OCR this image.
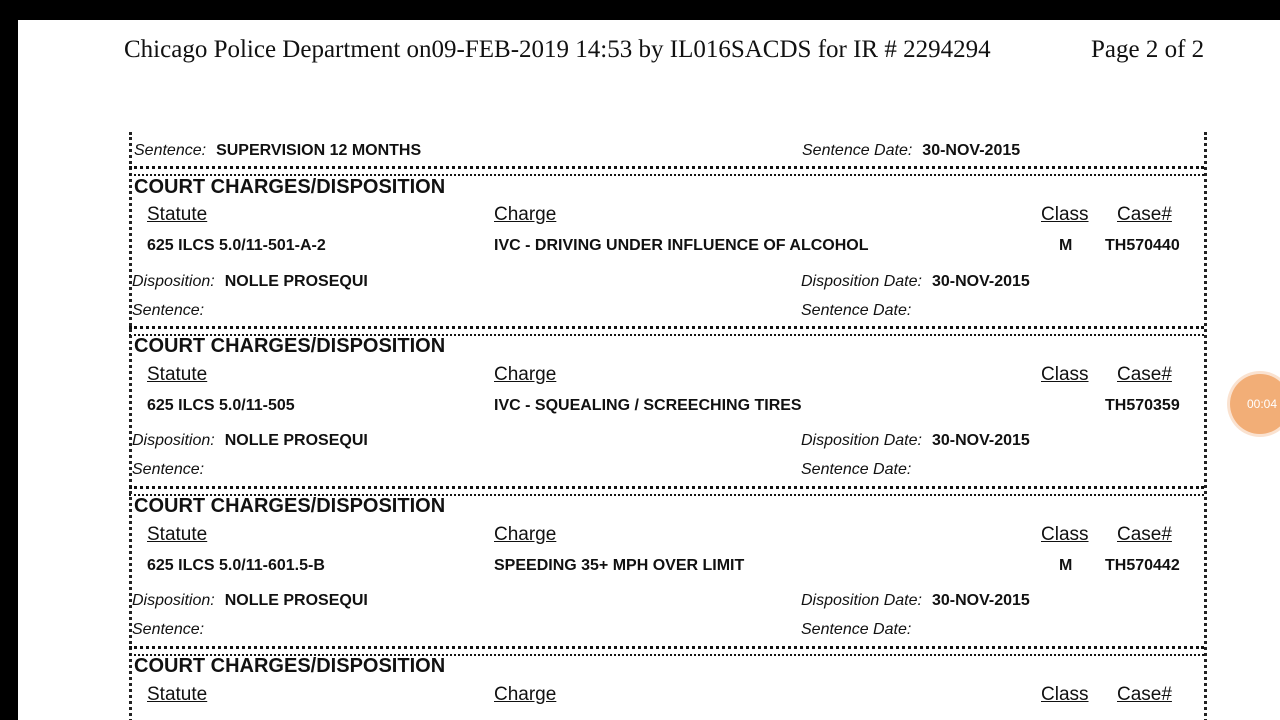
Chicago Police Department on09-FEB-2019 14:53 by IL016SACDS for IR # 2294294	Page 2 of 2
Sentence: SUPERVISION 12 MONTHS	Sentence Date: 30-NOV-2015
COURT CHARGES/DISPOSITION
Statute	Charge	Class Case#
625 ILCS 5.0/11-501-A-2	IVC - DRIVING UNDER INFLUENCE OF ALCOHOL	M TH570440
Disposition: NOLLE PROSEQUI	Disposition Date: 30-NOV-2015
Sentence:	Sentence Date:
COURT CHARGES/DISPOSITION
Statute	Charge	Class Case#
625 ILCS 5.0/11-505	IVC - SQUEALING / SCREECHING TIRES	TH570359
Disposition: NOLLE PROSEQUI	Disposition Date: 30-NOV-2015
Sentence:	Sentence Date:
COURT CHARGES/DISPOSITION
Statute	Charge	Class Case#
625 ILCS 5.0/11-601.5-B	SPEEDING 35+ MPH OVER LIMIT	M TH570442
Disposition: NOLLE PROSEQUI	Disposition Date: 30-NOV-2015
Sentence:	Sentence Date:
COURT CHARGES/DISPOSITION
Statute	Charge	Class Case#
00:04
